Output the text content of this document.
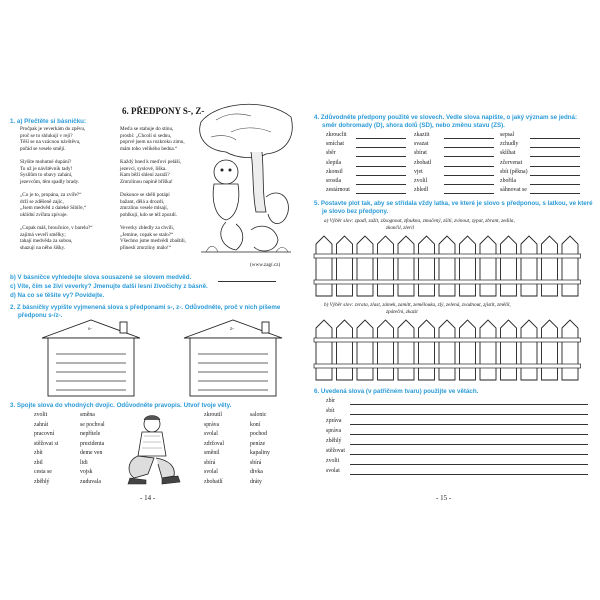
6. PŘEDPONY S-, Z-
1. a) Přečtěte si básničku:
Pročpak je veverkám do zpěvu,
proč se to shlukují v reji?
Těší se na vzácnou návštěvu,
pořád se vesele smějí.
Slyšíte mohutné dupání?
To už je návštěvník tady!
Sysliům to obavy zahání,
jezevcům, těm spadly brady.
„Co je to, propána, za zvíře?“
drží se zděšeně zajíc,
„Jsem medvěd z daleké Sibiře,“
uklidní zvířata zpívaje.
„Copak máš, broučnice, v barelu?“
zajímá veveří smělky;
tahají medvěda za sobou,
shazují na něho šišky.
Meďa se stahuje do stínu,
prosbí: „Chcolí si sednu,
poprvé jsem na rozkroku zimu,
mám toho velikého bedna.“
Každý hned k meďovi peláší,
jezevci, syslové, liška.
Kam běží shlení zaraží?
Zmrzlinou napíně bříška!
Dokonce se sbělí potápí
bažant, dělá a drozdi,
zmrzlinu vesele mlsají,
pohlkují, kdo se též zpozdí.
Veverky zbledly za chvíli,
„Jemine, copak se stalo?“
Všechno jsme medvědi zbaštili,
přineslí zmrzliny málo!“
(www.zagí.cz)
b) V básničce vyhledejte slova sousazené se slovem medvěd.
c) Víte, čím se živí veverky? Jmenujte další lesní živočichy z básně.
d) Na co se těšíte vy? Povídejte.
2. Z básničky vypište vyjmenená slova s předponami s-, z-. Odůvodněte, proč v nich píšeme
předponu s-/z-.
s-	z-
3. Spojte slova do vhodných dvojic. Odůvodněte pravopis. Utvoř tvoje věty.
zvolit
zahrát
pracovní
stěžovat si
zbít
zbil
cesta se
zběhlý
směna
se pochval
nepřítele
prezidenta
deme ven
lidi
vojsk
zuduvala
zkroutil
správa
svolal
zdržoval
směnil
sbírá
svolal
zbohatlí
salonic
koní
pochod
peníze
kapaliny
sbírá
divka
dráty
- 14 -
4. Zdůvodněte předpony použité ve slovech. Vedle slova napište, o jaký význam se jedná:
směr dohromady (D), shora dolů (SD), nebo změnu stavu (ZS).
zkrouclit
smíchat
sběr
slepila
zkonsil
srostla
zestárnout
zkaziit
svazat
sbírat
zbohatl
vjet
zvolil
zbledl
sepsal
zchudly
sklíhat
zčervenat
sbít (pěkna)
zbořila
sáhnovat se
5. Postavte plot tak, aby se střídala vždy latka, ve které je slovo s předponou, s latkou, ve které
je slovo bez předpony.
a) Výběr slov: zpadl, zažit, zšxognout, zfoukna, zmačený, zšiti, zvinout, zypat, zbrant, zedila,
zkončil, zleril
b) Výběr slov: zvrata, zlast, zámek, zamítt, zemělouka, zlý, zelená, zvadnout, zjistit, změlil,
zpátečni, zkazit
6. Uvedená slova (v patřičném tvaru) použijte ve větách.
zbír
sbít
zpráva
správa
zběhlý
stěžovat
zvolit
svolat
- 15 -
